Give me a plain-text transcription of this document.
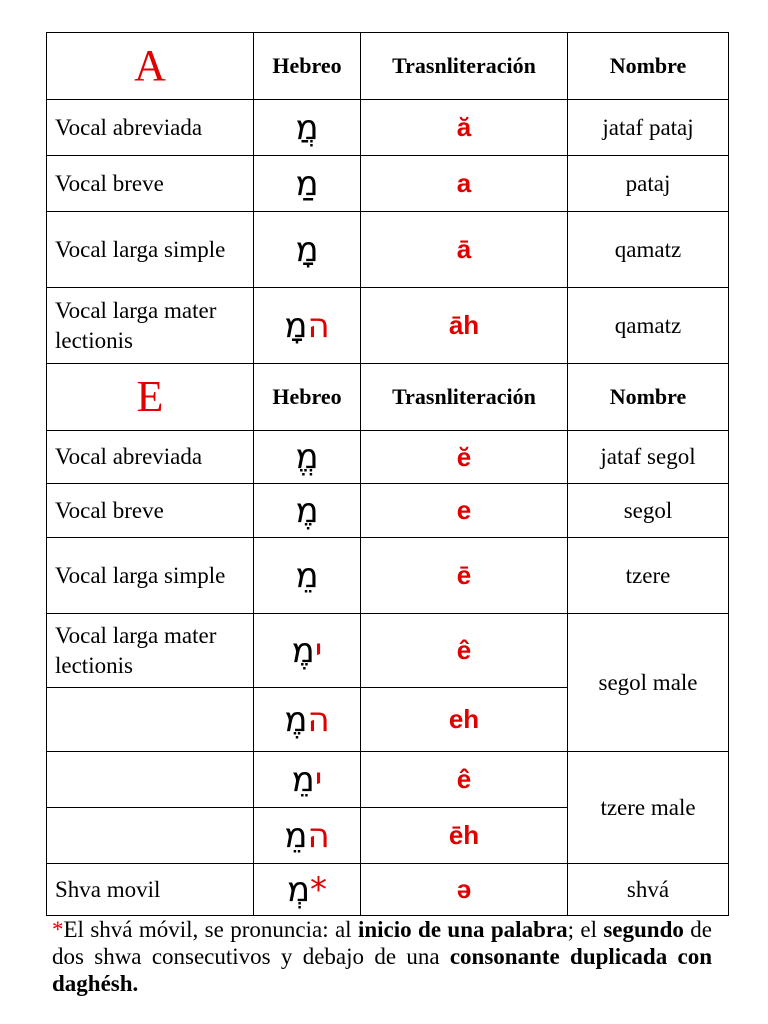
A	Hebreo	Trasnliteración	Nombre
Vocal abreviada	מֲ	ă	jataf pataj
Vocal breve	מַ	a	pataj
Vocal larga simple	מָ	ā	qamatz
Vocal larga mater lectionis	המָ	āh	qamatz
E	Hebreo	Trasnliteración	Nombre
Vocal abreviada	מֱ	ĕ	jataf segol
Vocal breve	מֶ	e	segol
Vocal larga simple	מֵ	ē	tzere
Vocal larga mater lectionis	ימֶ	ê	segol male
	המֶ	eh	
	ימֵ	ê	tzere male
	המֵ	ēh	
Shva movil	מְ*	ə	shvá
*El shvá móvil, se pronuncia: al inicio de una palabra; el segundo de dos shwa consecutivos y debajo de una consonante duplicada con daghésh.
